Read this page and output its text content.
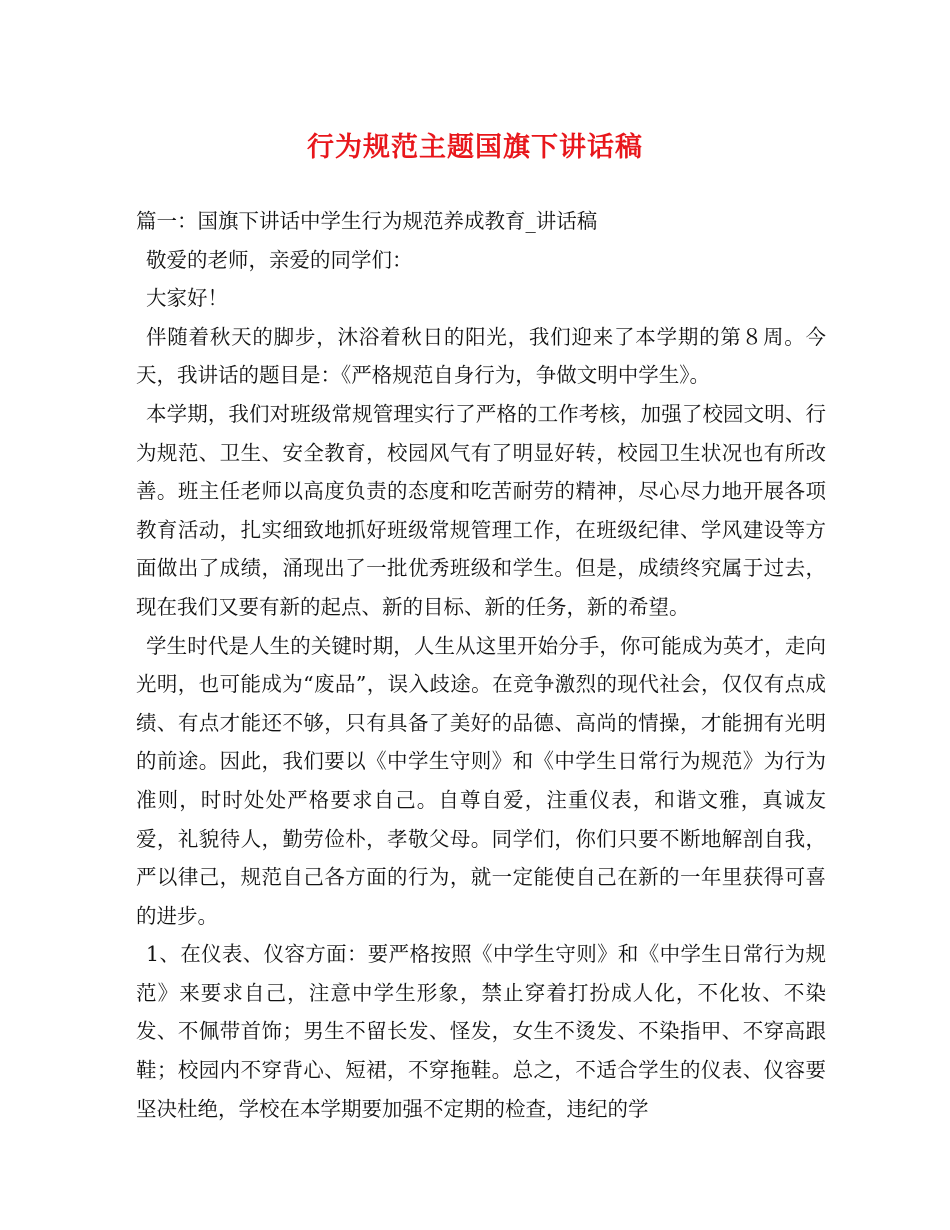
行为规范主题国旗下讲话稿

篇一：国旗下讲话中学生行为规范养成教育_讲话稿

敬爱的老师，亲爱的同学们：

大家好！

伴随着秋天的脚步，沐浴着秋日的阳光，我们迎来了本学期的第８周。今天，我讲话的题目是：《严格规范自身行为，争做文明中学生》。

本学期，我们对班级常规管理实行了严格的工作考核，加强了校园文明、行为规范、卫生、安全教育，校园风气有了明显好转，校园卫生状况也有所改善。班主任老师以高度负责的态度和吃苦耐劳的精神，尽心尽力地开展各项教育活动，扎实细致地抓好班级常规管理工作，在班级纪律、学风建设等方面做出了成绩，涌现出了一批优秀班级和学生。但是，成绩终究属于过去，现在我们又要有新的起点、新的目标、新的任务，新的希望。

学生时代是人生的关键时期，人生从这里开始分手，你可能成为英才，走向光明，也可能成为“废品”，误入歧途。在竞争激烈的现代社会，仅仅有点成绩、有点才能还不够，只有具备了美好的品德、高尚的情操，才能拥有光明的前途。因此，我们要以《中学生守则》和《中学生日常行为规范》为行为准则，时时处处严格要求自己。自尊自爱，注重仪表，和谐文雅，真诚友爱，礼貌待人，勤劳俭朴，孝敬父母。同学们，你们只要不断地解剖自我，严以律己，规范自己各方面的行为，就一定能使自己在新的一年里获得可喜的进步。

1、在仪表、仪容方面：要严格按照《中学生守则》和《中学生日常行为规范》来要求自己，注意中学生形象，禁止穿着打扮成人化，不化妆、不染发、不佩带首饰；男生不留长发、怪发，女生不烫发、不染指甲、不穿高跟鞋；校园内不穿背心、短裙，不穿拖鞋。总之，不适合学生的仪表、仪容要坚决杜绝，学校在本学期要加强不定期的检查，违纪的学
